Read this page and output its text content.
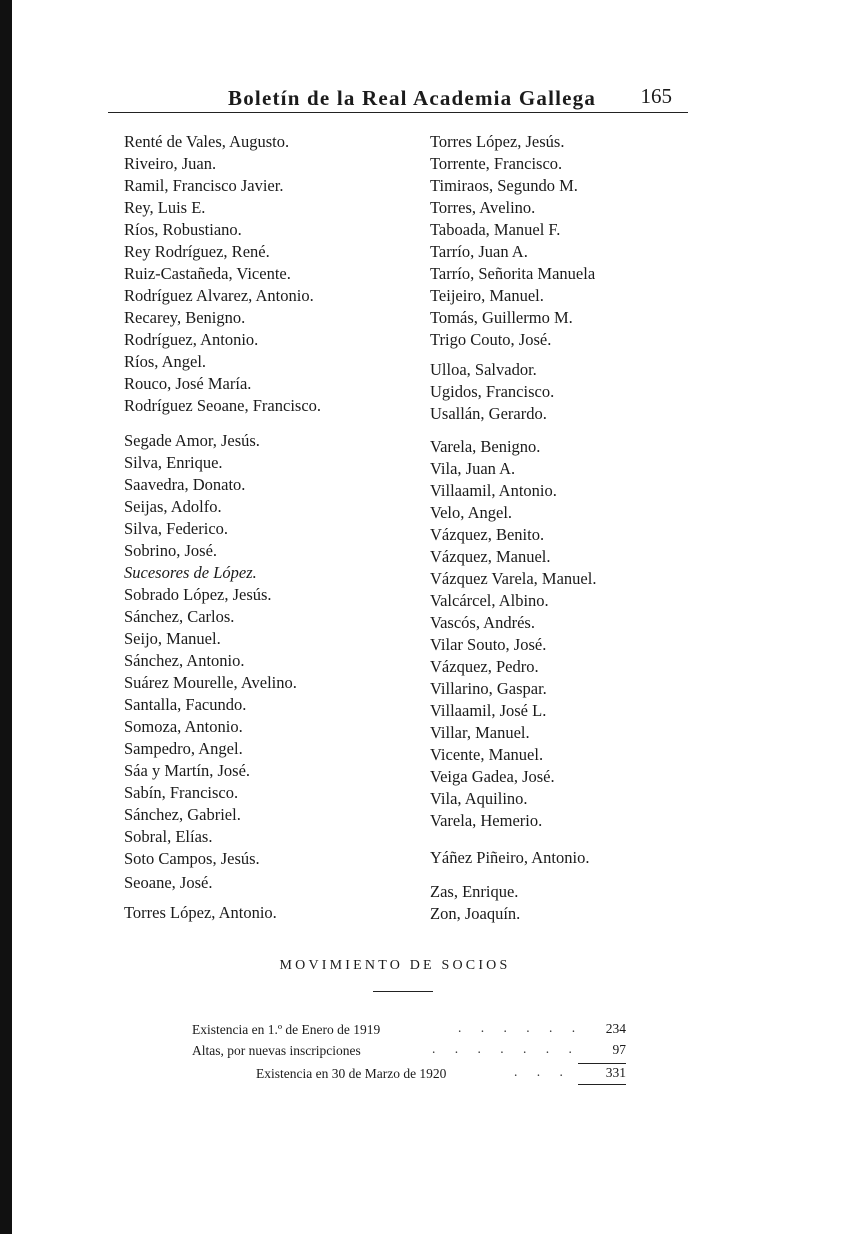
Boletín de la Real Academia Gallega 165
Renté de Vales, Augusto.
Riveiro, Juan.
Ramil, Francisco Javier.
Rey, Luis E.
Ríos, Robustiano.
Rey Rodríguez, René.
Ruiz-Castañeda, Vicente.
Rodríguez Alvarez, Antonio.
Recarey, Benigno.
Rodríguez, Antonio.
Ríos, Angel.
Rouco, José María.
Rodríguez Seoane, Francisco.
Segade Amor, Jesús.
Silva, Enrique.
Saavedra, Donato.
Seijas, Adolfo.
Silva, Federico.
Sobrino, José.
Sucesores de López.
Sobrado López, Jesús.
Sánchez, Carlos.
Seijo, Manuel.
Sánchez, Antonio.
Suárez Mourelle, Avelino.
Santalla, Facundo.
Somoza, Antonio.
Sampedro, Angel.
Sáa y Martín, José.
Sabín, Francisco.
Sánchez, Gabriel.
Sobral, Elías.
Soto Campos, Jesús.
Seoane, José.
Torres López, Antonio.
Torres López, Jesús.
Torrente, Francisco.
Timiraos, Segundo M.
Torres, Avelino.
Taboada, Manuel F.
Tarrío, Juan A.
Tarrío, Señorita Manuela
Teijeiro, Manuel.
Tomás, Guillermo M.
Trigo Couto, José.
Ulloa, Salvador.
Ugidos, Francisco.
Usallán, Gerardo.
Varela, Benigno.
Vila, Juan A.
Villaamil, Antonio.
Velo, Angel.
Vázquez, Benito.
Vázquez, Manuel.
Vázquez Varela, Manuel.
Valcárcel, Albino.
Vascós, Andrés.
Vilar Souto, José.
Vázquez, Pedro.
Villarino, Gaspar.
Villaamil, José L.
Villar, Manuel.
Vicente, Manuel.
Veiga Gadea, José.
Vila, Aquilino.
Varela, Hemerio.
Yáñez Piñeiro, Antonio.
Zas, Enrique.
Zon, Joaquín.
MOVIMIENTO DE SOCIOS
Existencia en 1.º de Enero de 1919	. . . . . .	234
Altas, por nuevas inscripciones	. . . . . . .	97
Existencia en 30 de Marzo de 1920	. . .	331
